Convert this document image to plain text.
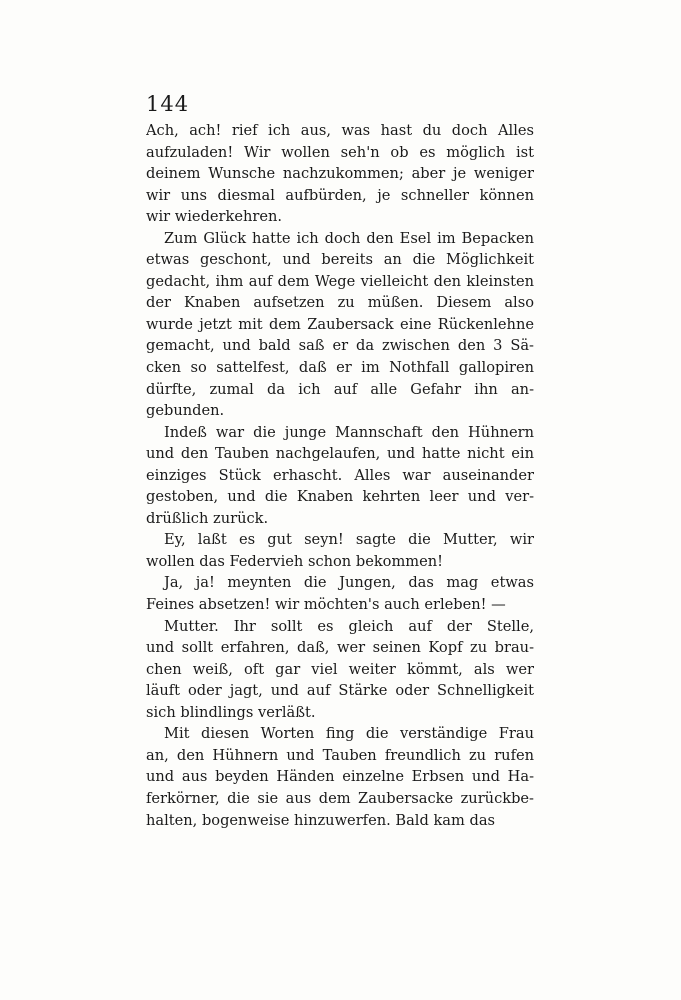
144
Ach, ach! rief ich aus, was hast du doch Alles
aufzuladen! Wir wollen seh'n ob es möglich ist
deinem Wunsche nachzukommen; aber je weniger
wir uns diesmal aufbürden, je schneller können
wir wiederkehren.
Zum Glück hatte ich doch den Esel im Bepacken
etwas geschont, und bereits an die Möglichkeit
gedacht, ihm auf dem Wege vielleicht den kleinsten
der Knaben aufsetzen zu müßen. Diesem also
wurde jetzt mit dem Zaubersack eine Rückenlehne
gemacht, und bald saß er da zwischen den 3 Sä-
cken so sattelfest, daß er im Nothfall gallopiren
dürfte, zumal da ich auf alle Gefahr ihn an-
gebunden.
Indeß war die junge Mannschaft den Hühnern
und den Tauben nachgelaufen, und hatte nicht ein
einziges Stück erhascht. Alles war auseinander
gestoben, und die Knaben kehrten leer und ver-
drüßlich zurück.
Ey, laßt es gut seyn! sagte die Mutter, wir
wollen das Federvieh schon bekommen!
Ja, ja! meynten die Jungen, das mag etwas
Feines absetzen! wir möchten's auch erleben! —
Mutter. Ihr sollt es gleich auf der Stelle,
und sollt erfahren, daß, wer seinen Kopf zu brau-
chen weiß, oft gar viel weiter kömmt, als wer
läuft oder jagt, und auf Stärke oder Schnelligkeit
sich blindlings verläßt.
Mit diesen Worten fing die verständige Frau
an, den Hühnern und Tauben freundlich zu rufen
und aus beyden Händen einzelne Erbsen und Ha-
ferkörner, die sie aus dem Zaubersacke zurückbe-
halten, bogenweise hinzuwerfen. Bald kam das
